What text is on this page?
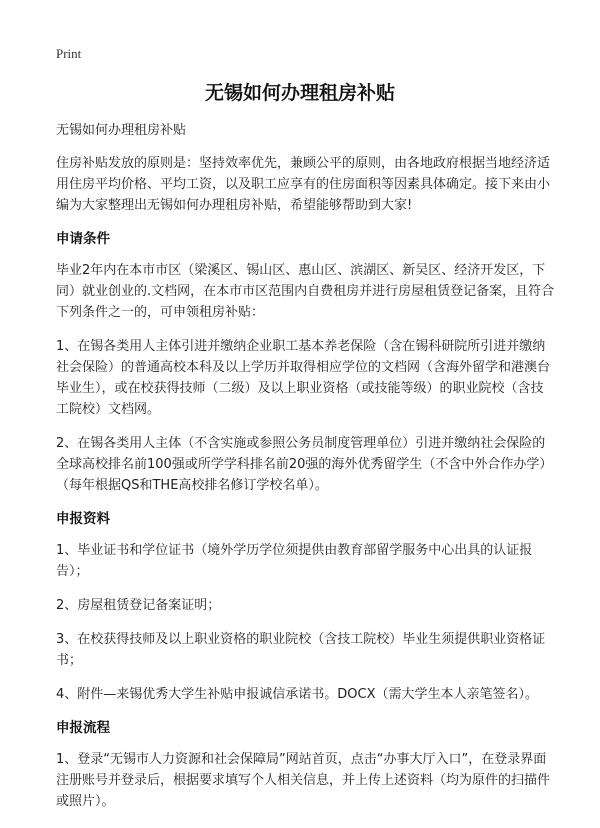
Print
无锡如何办理租房补贴

无锡如何办理租房补贴

住房补贴发放的原则是：坚持效率优先，兼顾公平的原则，由各地政府根据当地经济适用住房平均价格、平均工资，以及职工应享有的住房面积等因素具体确定。接下来由小编为大家整理出无锡如何办理租房补贴，希望能够帮助到大家!

申请条件

毕业2年内在本市市区（梁溪区、锡山区、惠山区、滨湖区、新吴区、经济开发区，下同）就业创业的.文档网，在本市市区范围内自费租房并进行房屋租赁登记备案，且符合下列条件之一的，可申领租房补贴：

1、在锡各类用人主体引进并缴纳企业职工基本养老保险（含在锡科研院所引进并缴纳社会保险）的普通高校本科及以上学历并取得相应学位的文档网（含海外留学和港澳台毕业生），或在校获得技师（二级）及以上职业资格（或技能等级）的职业院校（含技工院校）文档网。

2、在锡各类用人主体（不含实施或参照公务员制度管理单位）引进并缴纳社会保险的全球高校排名前100强或所学学科排名前20强的海外优秀留学生（不含中外合作办学）（每年根据QS和THE高校排名修订学校名单）。

申报资料

1、毕业证书和学位证书（境外学历学位须提供由教育部留学服务中心出具的认证报告）；

2、房屋租赁登记备案证明；

3、在校获得技师及以上职业资格的职业院校（含技工院校）毕业生须提供职业资格证书；

4、附件—来锡优秀大学生补贴申报诚信承诺书。DOCX（需大学生本人亲笔签名）。

申报流程

1、登录“无锡市人力资源和社会保障局”网站首页，点击“办事大厅入口”，在登录界面注册账号并登录后，根据要求填写个人相关信息，并上传上述资料（均为原件的扫描件或照片）。
